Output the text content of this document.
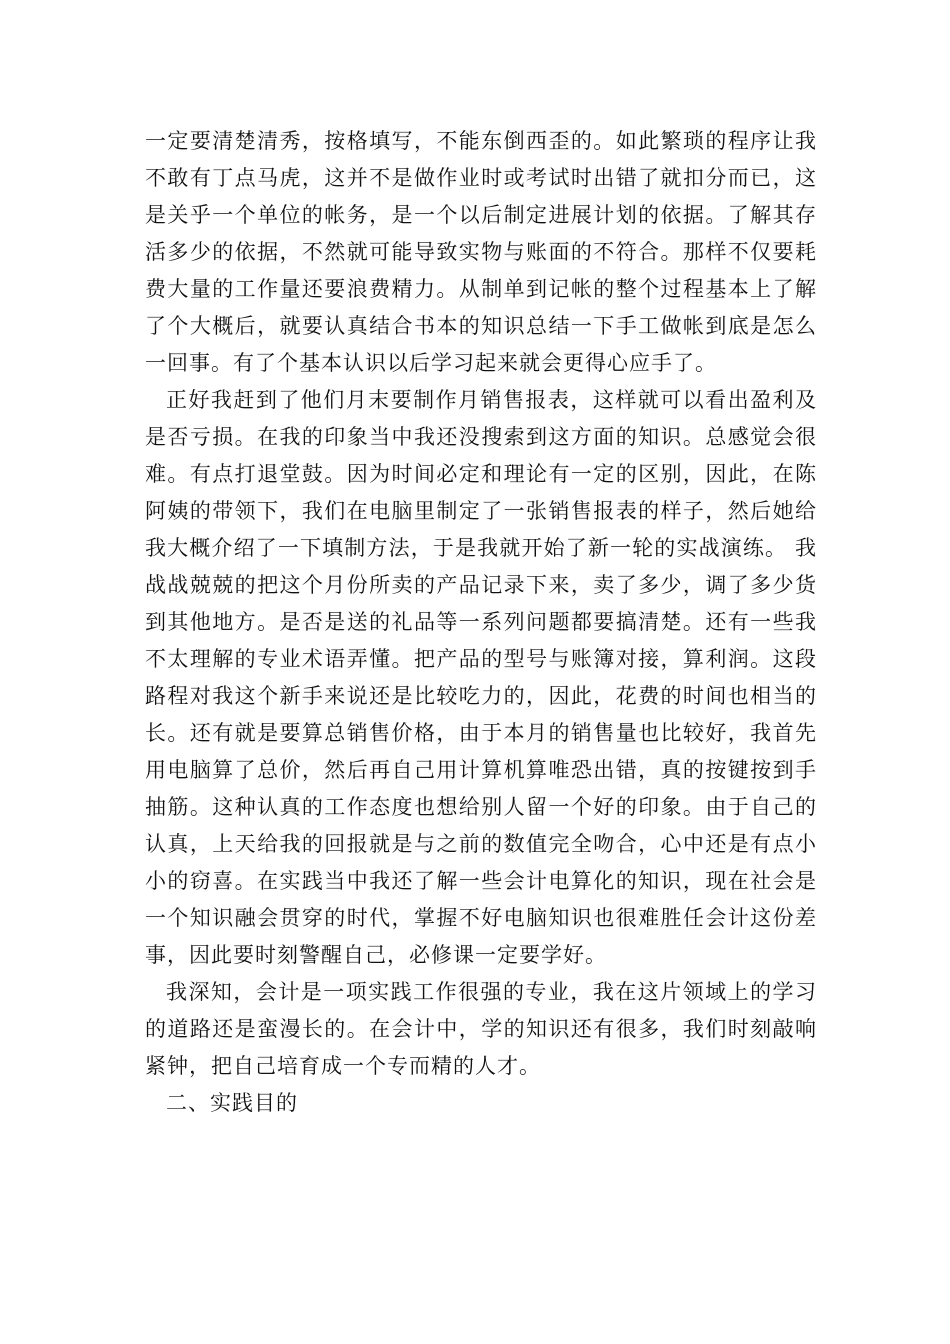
一定要清楚清秀，按格填写，不能东倒西歪的。如此繁琐的程序让我不敢有丁点马虎，这并不是做作业时或考试时出错了就扣分而已，这是关乎一个单位的帐务，是一个以后制定进展计划的依据。了解其存活多少的依据，不然就可能导致实物与账面的不符合。那样不仅要耗费大量的工作量还要浪费精力。从制单到记帐的整个过程基本上了解了个大概后，就要认真结合书本的知识总结一下手工做帐到底是怎么一回事。有了个基本认识以后学习起来就会更得心应手了。

正好我赶到了他们月末要制作月销售报表，这样就可以看出盈利及是否亏损。在我的印象当中我还没搜索到这方面的知识。总感觉会很难。有点打退堂鼓。因为时间必定和理论有一定的区别，因此，在陈阿姨的带领下，我们在电脑里制定了一张销售报表的样子，然后她给我大概介绍了一下填制方法，于是我就开始了新一轮的实战演练。 我战战兢兢的把这个月份所卖的产品记录下来，卖了多少，调了多少货到其他地方。是否是送的礼品等一系列问题都要搞清楚。还有一些我不太理解的专业术语弄懂。把产品的型号与账簿对接，算利润。这段路程对我这个新手来说还是比较吃力的，因此，花费的时间也相当的长。还有就是要算总销售价格，由于本月的销售量也比较好，我首先用电脑算了总价，然后再自己用计算机算唯恐出错，真的按键按到手抽筋。这种认真的工作态度也想给别人留一个好的印象。由于自己的认真，上天给我的回报就是与之前的数值完全吻合，心中还是有点小小的窃喜。在实践当中我还了解一些会计电算化的知识，现在社会是一个知识融会贯穿的时代，掌握不好电脑知识也很难胜任会计这份差事，因此要时刻警醒自己，必修课一定要学好。

我深知，会计是一项实践工作很强的专业，我在这片领域上的学习的道路还是蛮漫长的。在会计中，学的知识还有很多，我们时刻敲响紧钟，把自己培育成一个专而精的人才。

二、实践目的
